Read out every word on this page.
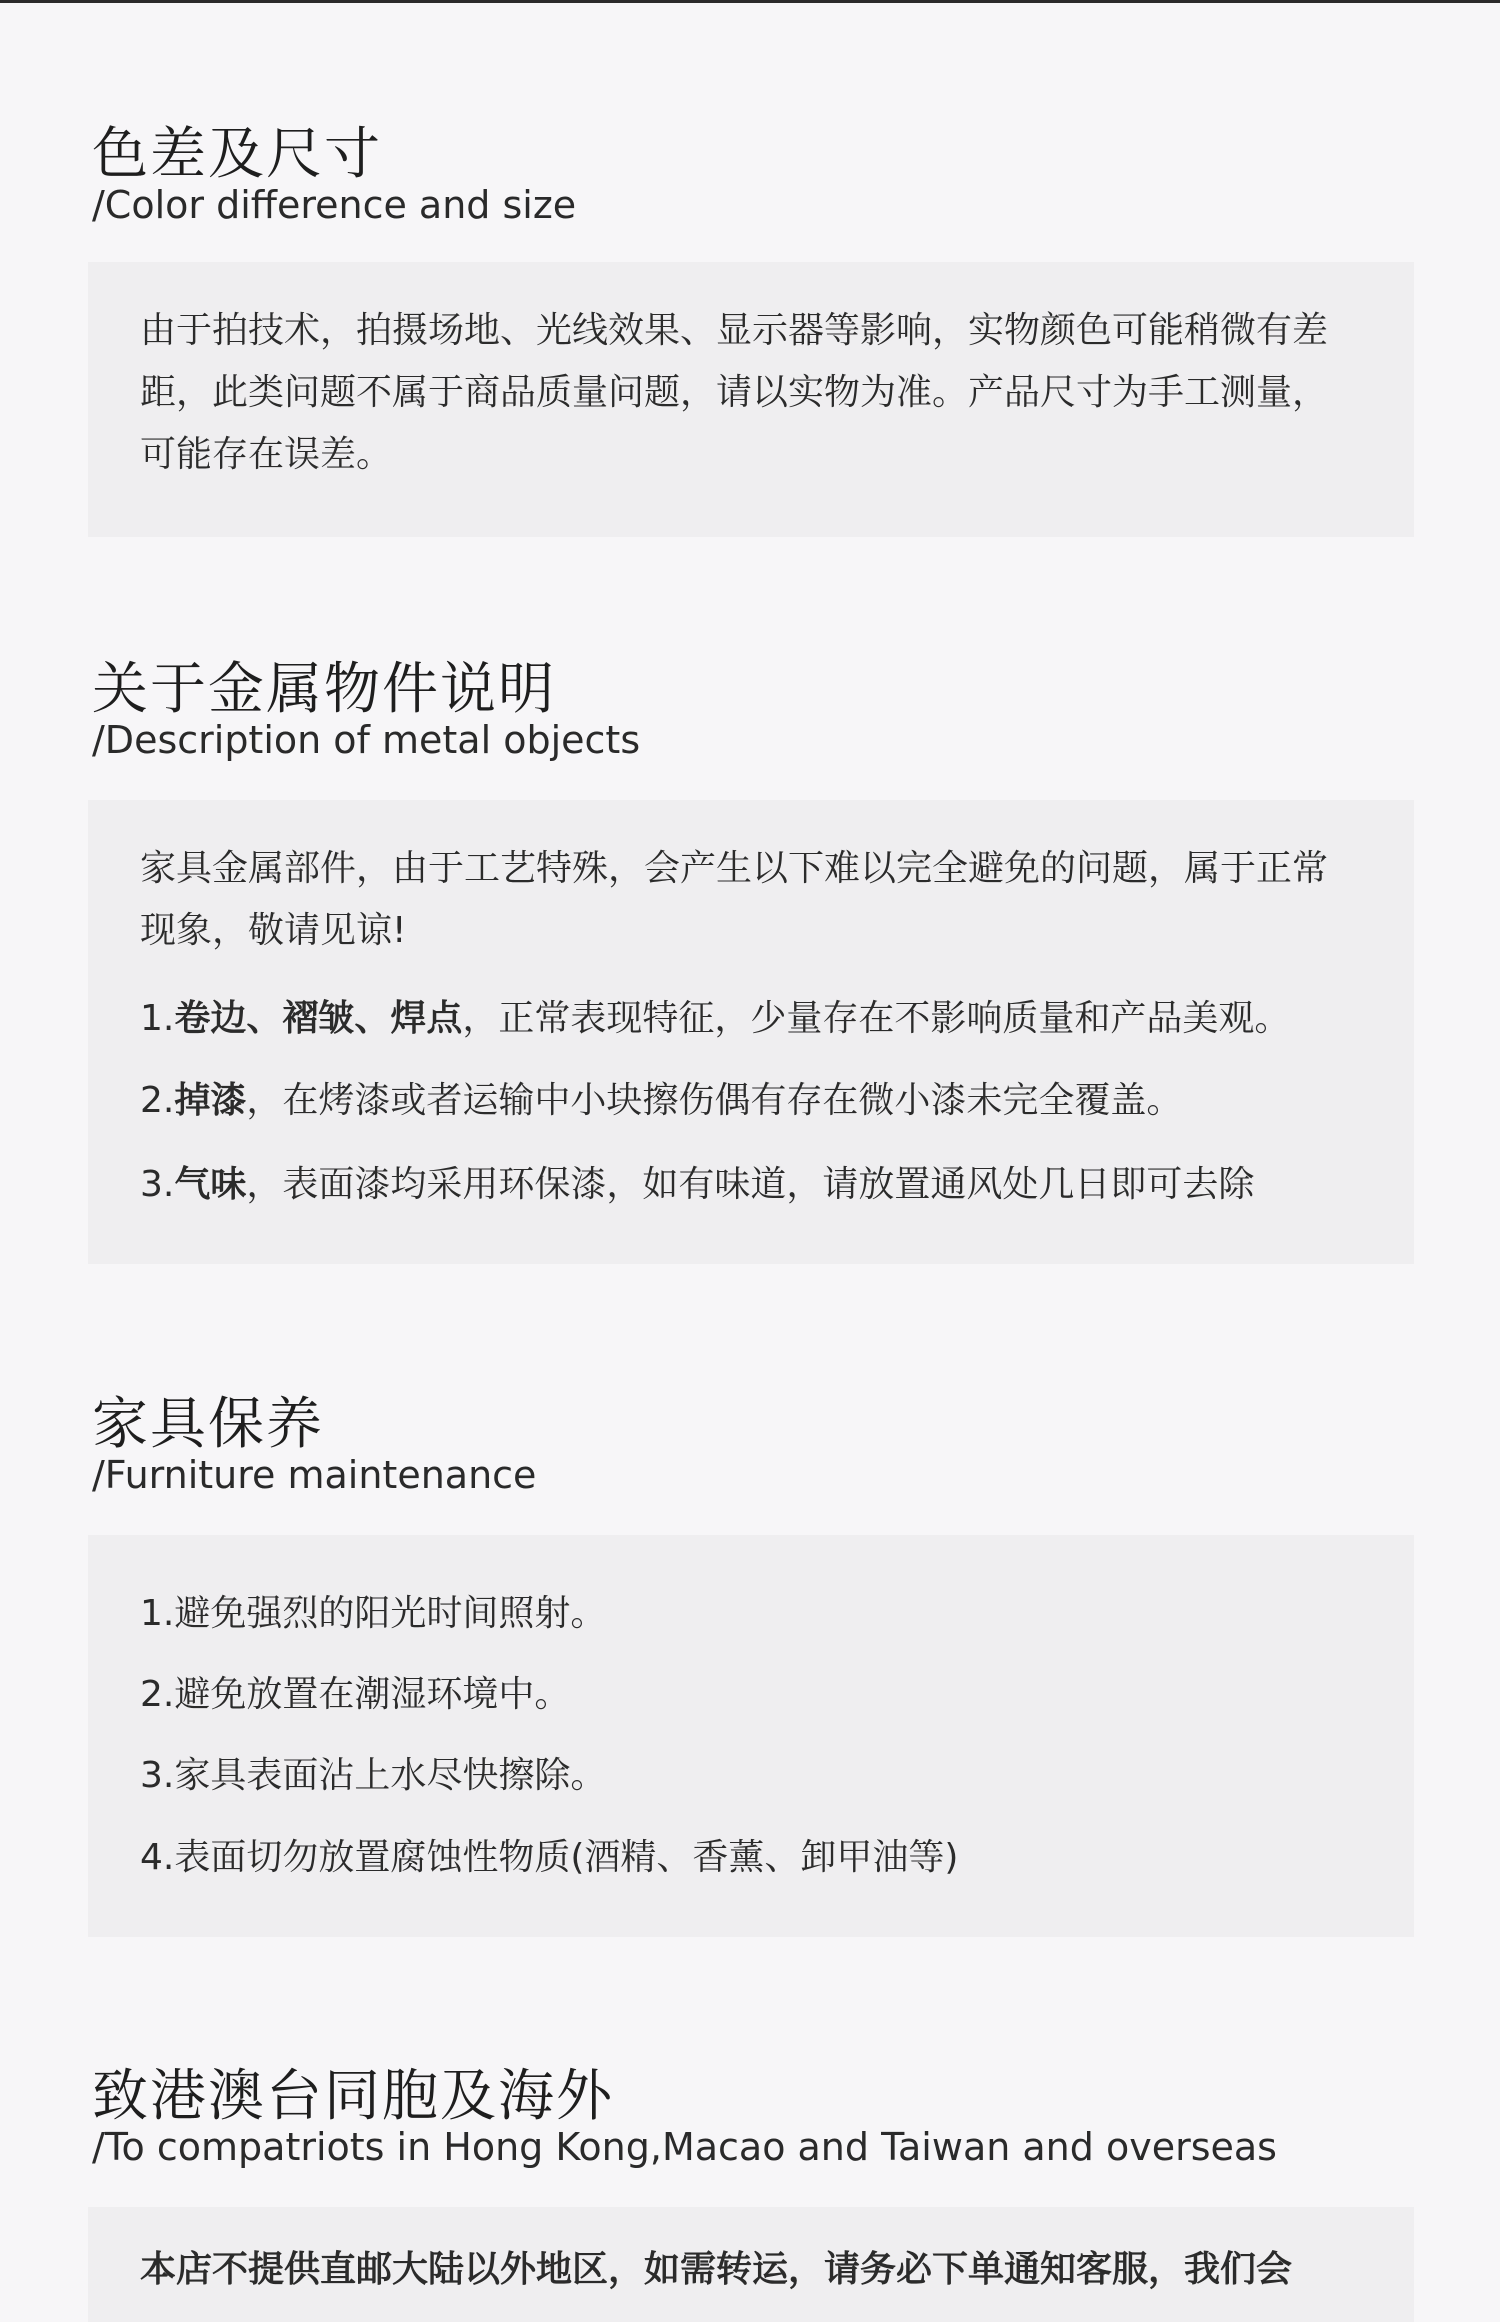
色差及尺寸

/Color difference and size

由于拍技术，拍摄场地、光线效果、显示器等影响，实物颜色可能稍微有差距，此类问题不属于商品质量问题，请以实物为准。产品尺寸为手工测量，可能存在误差。

关于金属物件说明

/Description of metal objects

家具金属部件，由于工艺特殊，会产生以下难以完全避免的问题，属于正常现象，敬请见谅!

1.卷边、褶皱、焊点，正常表现特征，少量存在不影响质量和产品美观。

2.掉漆，在烤漆或者运输中小块擦伤偶有存在微小漆未完全覆盖。

3.气味，表面漆均采用环保漆，如有味道，请放置通风处几日即可去除

家具保养

/Furniture maintenance

1.避免强烈的阳光时间照射。

2.避免放置在潮湿环境中。

3.家具表面沾上水尽快擦除。

4.表面切勿放置腐蚀性物质(酒精、香薰、卸甲油等)

致港澳台同胞及海外

/To compatriots in Hong Kong,Macao and Taiwan and overseas

本店不提供直邮大陆以外地区，如需转运，请务必下单通知客服，我们会
